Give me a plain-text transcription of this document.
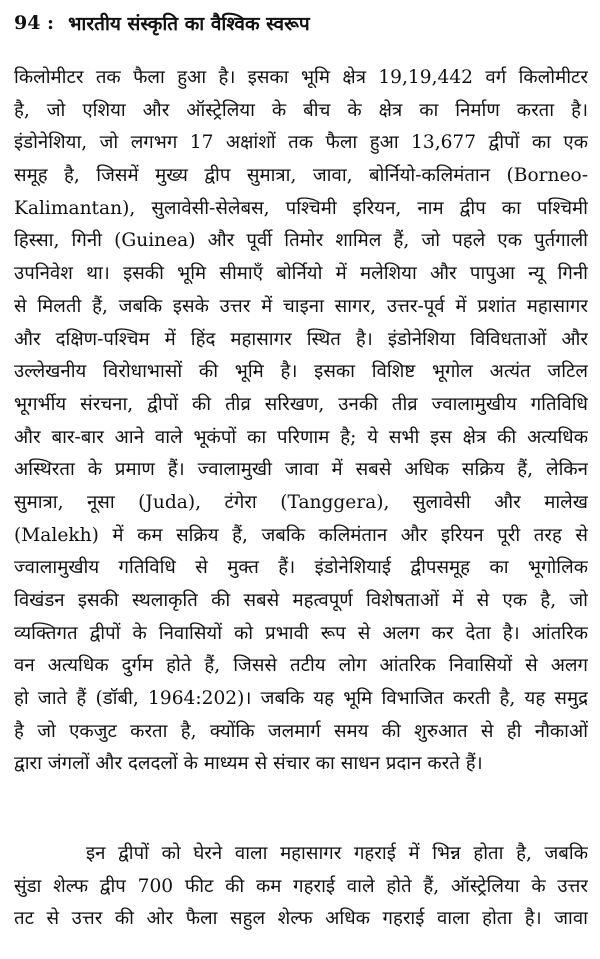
94 : भारतीय संस्कृति का वैश्विक स्वरूप
किलोमीटर तक फैला हुआ है। इसका भूमि क्षेत्र 19,19,442 वर्ग किलोमीटर
है, जो एशिया और ऑस्ट्रेलिया के बीच के क्षेत्र का निर्माण करता है।
इंडोनेशिया, जो लगभग 17 अक्षांशों तक फैला हुआ 13,677 द्वीपों का एक
समूह है, जिसमें मुख्य द्वीप सुमात्रा, जावा, बोर्नियो-कलिमंतान (Borneo-
Kalimantan), सुलावेसी-सेलेबस, पश्चिमी इरियन, नाम द्वीप का पश्चिमी
हिस्सा, गिनी (Guinea) और पूर्वी तिमोर शामिल हैं, जो पहले एक पुर्तगाली
उपनिवेश था। इसकी भूमि सीमाएँ बोर्नियो में मलेशिया और पापुआ न्यू गिनी
से मिलती हैं, जबकि इसके उत्तर में चाइना सागर, उत्तर-पूर्व में प्रशांत महासागर
और दक्षिण-पश्चिम में हिंद महासागर स्थित है। इंडोनेशिया विविधताओं और
उल्लेखनीय विरोधाभासों की भूमि है। इसका विशिष्ट भूगोल अत्यंत जटिल
भूगर्भीय संरचना, द्वीपों की तीव्र सरिखण, उनकी तीव्र ज्वालामुखीय गतिविधि
और बार-बार आने वाले भूकंपों का परिणाम है; ये सभी इस क्षेत्र की अत्यधिक
अस्थिरता के प्रमाण हैं। ज्वालामुखी जावा में सबसे अधिक सक्रिय हैं, लेकिन
सुमात्रा, नूसा (Juda), टंगेरा (Tanggera), सुलावेसी और मालेख
(Malekh) में कम सक्रिय हैं, जबकि कलिमंतान और इरियन पूरी तरह से
ज्वालामुखीय गतिविधि से मुक्त हैं। इंडोनेशियाई द्वीपसमूह का भूगोलिक
विखंडन इसकी स्थलाकृति की सबसे महत्वपूर्ण विशेषताओं में से एक है, जो
व्यक्तिगत द्वीपों के निवासियों को प्रभावी रूप से अलग कर देता है। आंतरिक
वन अत्यधिक दुर्गम होते हैं, जिससे तटीय लोग आंतरिक निवासियों से अलग
हो जाते हैं (डॉबी, 1964:202)। जबकि यह भूमि विभाजित करती है, यह समुद्र
है जो एकजुट करता है, क्योंकि जलमार्ग समय की शुरुआत से ही नौकाओं
द्वारा जंगलों और दलदलों के माध्यम से संचार का साधन प्रदान करते हैं।
इन द्वीपों को घेरने वाला महासागर गहराई में भिन्न होता है, जबकि
सुंडा शेल्फ द्वीप 700 फीट की कम गहराई वाले होते हैं, ऑस्ट्रेलिया के उत्तर
तट से उत्तर की ओर फैला सहुल शेल्फ अधिक गहराई वाला होता है। जावा
